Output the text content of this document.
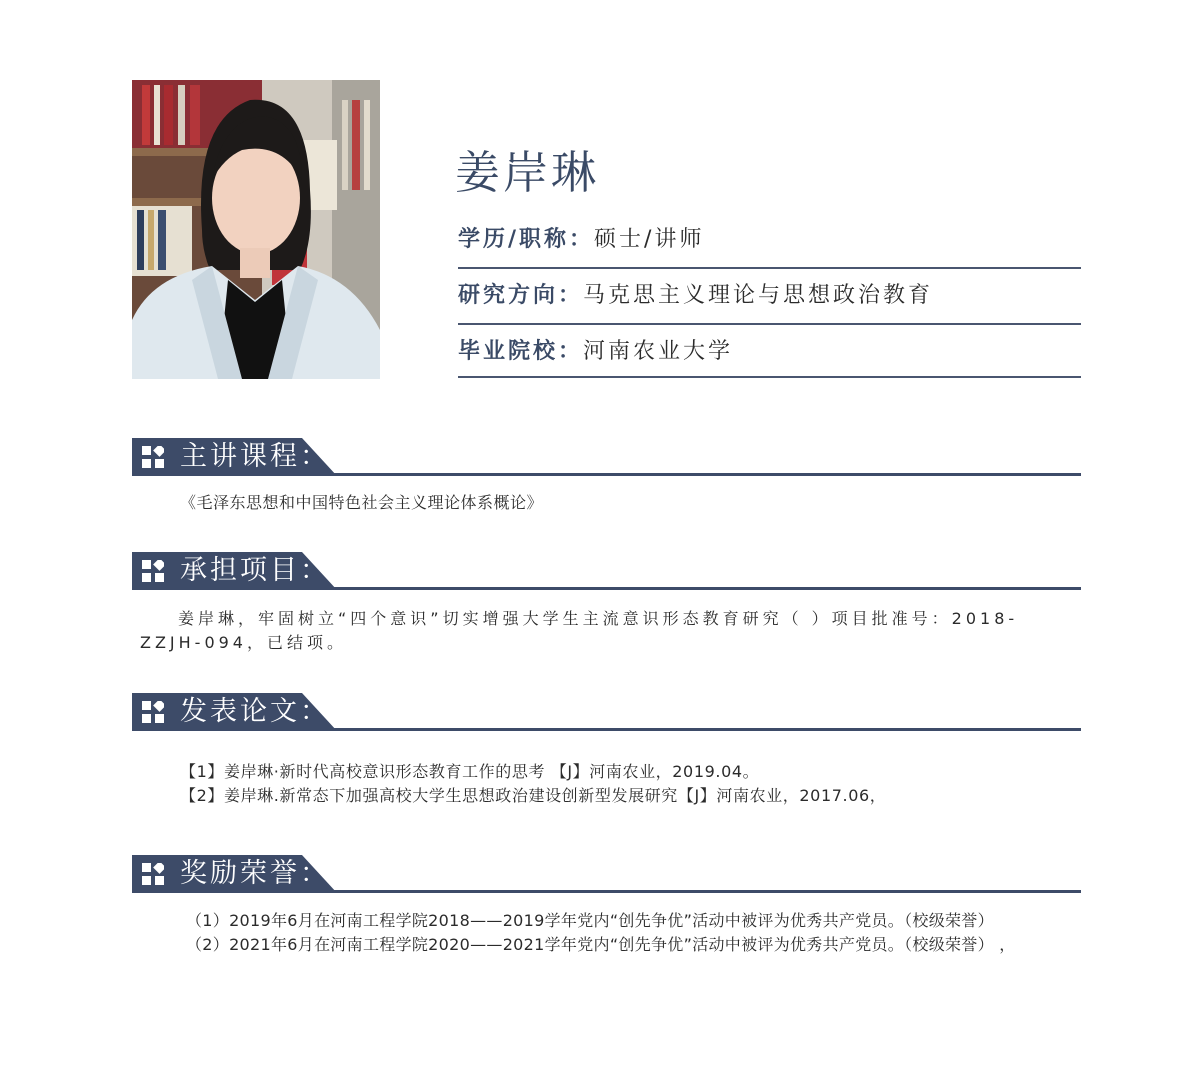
姜岸琳
学历/职称：硕士/讲师
研究方向：马克思主义理论与思想政治教育
毕业院校：河南农业大学
主讲课程：
《毛泽东思想和中国特色社会主义理论体系概论》
承担项目：
姜岸琳，牢固树立“四个意识”切实增强大学生主流意识形态教育研究（ ）项目批准号：2018-ZZJH-094，已结项。
发表论文：
【1】姜岸琳·新时代高校意识形态教育工作的思考 【J】河南农业，2019.04。
【2】姜岸琳.新常态下加强高校大学生思想政治建设创新型发展研究【J】河南农业，2017.06，
奖励荣誉：

（1）2019年6月在河南工程学院2018——2019学年党内“创先争优”活动中被评为优秀共产党员。（校级荣誉）

（2）2021年6月在河南工程学院2020——2021学年党内“创先争优”活动中被评为优秀共产党员。（校级荣誉） ，
